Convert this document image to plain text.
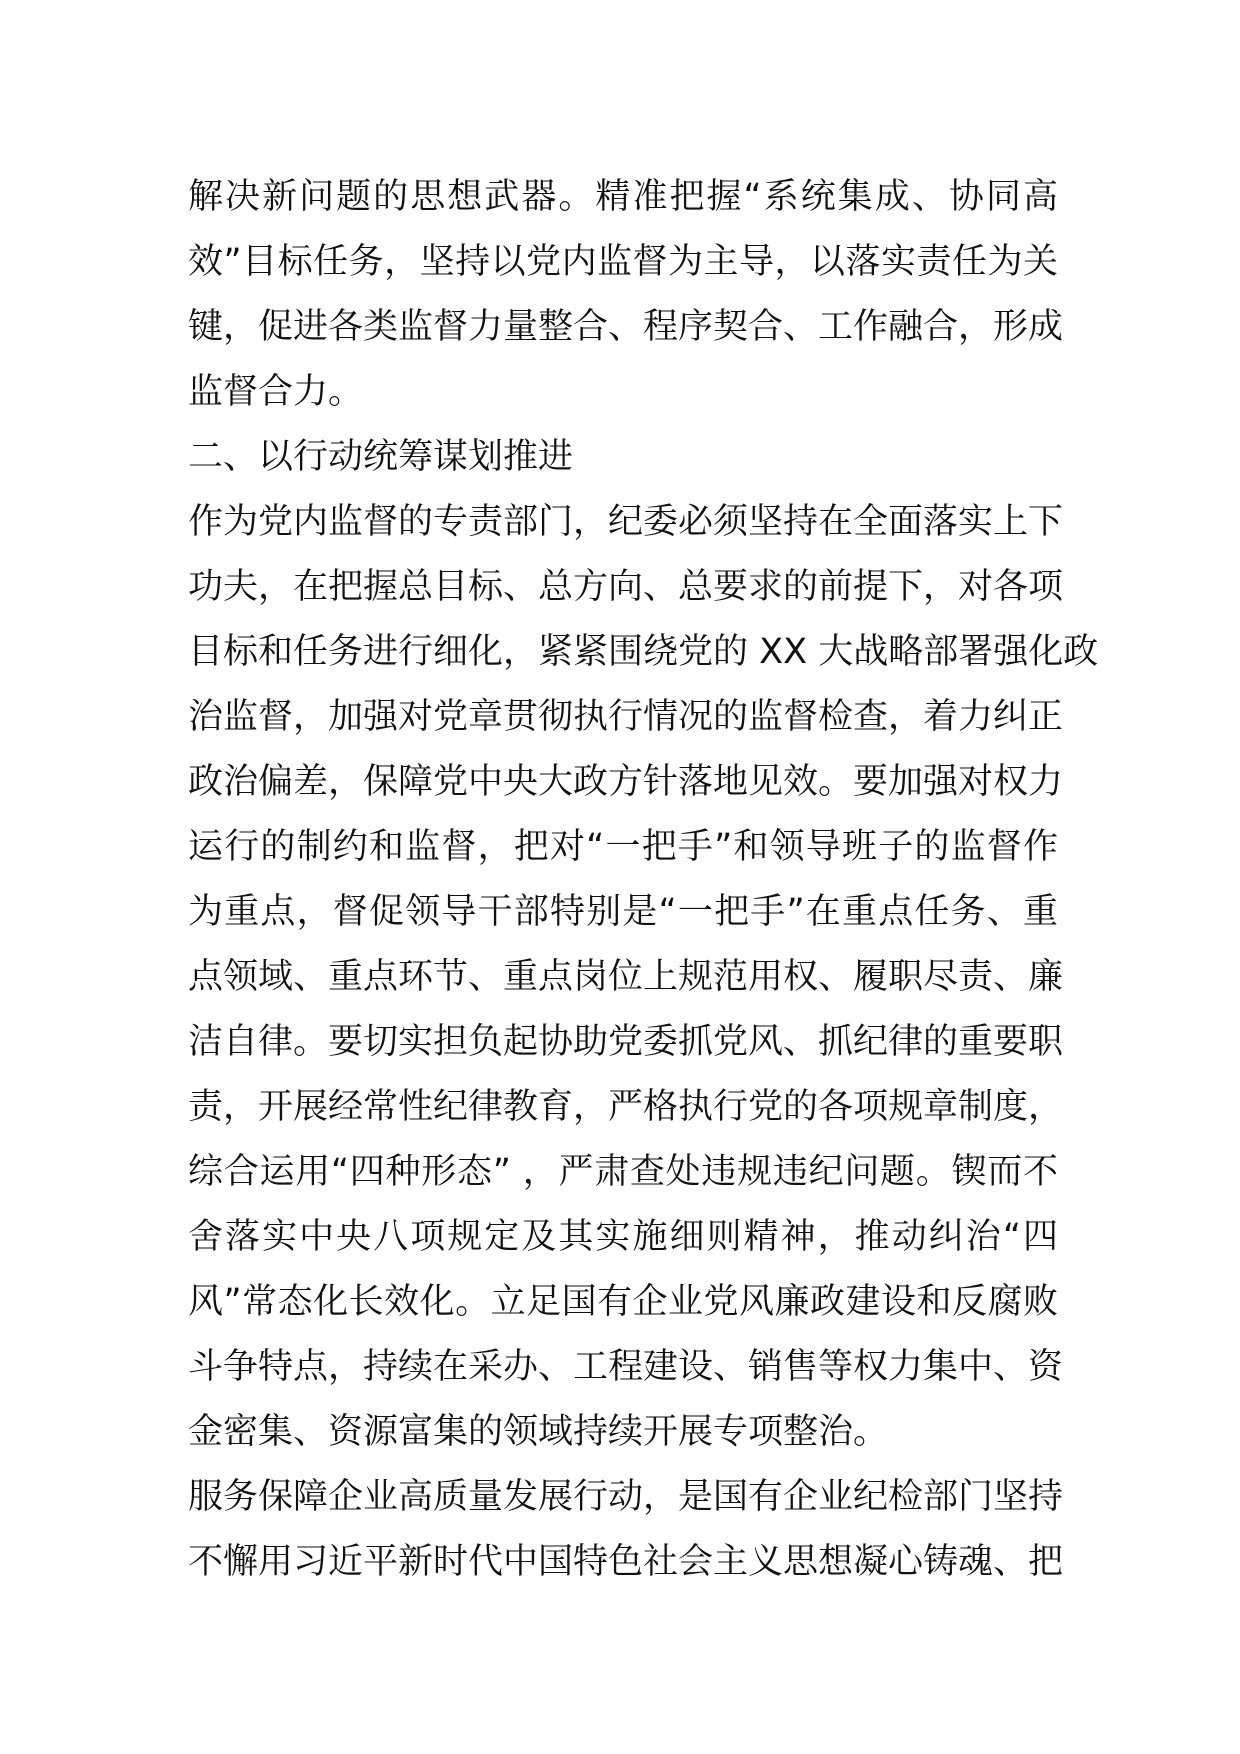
解决新问题的思想武器。精准把握“系统集成、协同高
效”目标任务，坚持以党内监督为主导，以落实责任为关
键，促进各类监督力量整合、程序契合、工作融合，形成
监督合力。
二、以行动统筹谋划推进
作为党内监督的专责部门，纪委必须坚持在全面落实上下
功夫，在把握总目标、总方向、总要求的前提下，对各项
目标和任务进行细化，紧紧围绕党的 XX 大战略部署强化政
治监督，加强对党章贯彻执行情况的监督检查，着力纠正
政治偏差，保障党中央大政方针落地见效。要加强对权力
运行的制约和监督，把对“一把手”和领导班子的监督作
为重点，督促领导干部特别是“一把手”在重点任务、重
点领域、重点环节、重点岗位上规范用权、履职尽责、廉
洁自律。要切实担负起协助党委抓党风、抓纪律的重要职
责，开展经常性纪律教育，严格执行党的各项规章制度，
综合运用“四种形态” ，严肃查处违规违纪问题。锲而不
舍落实中央八项规定及其实施细则精神，推动纠治“四
风”常态化长效化。立足国有企业党风廉政建设和反腐败
斗争特点，持续在采办、工程建设、销售等权力集中、资
金密集、资源富集的领域持续开展专项整治。
服务保障企业高质量发展行动，是国有企业纪检部门坚持
不懈用习近平新时代中国特色社会主义思想凝心铸魂、把
